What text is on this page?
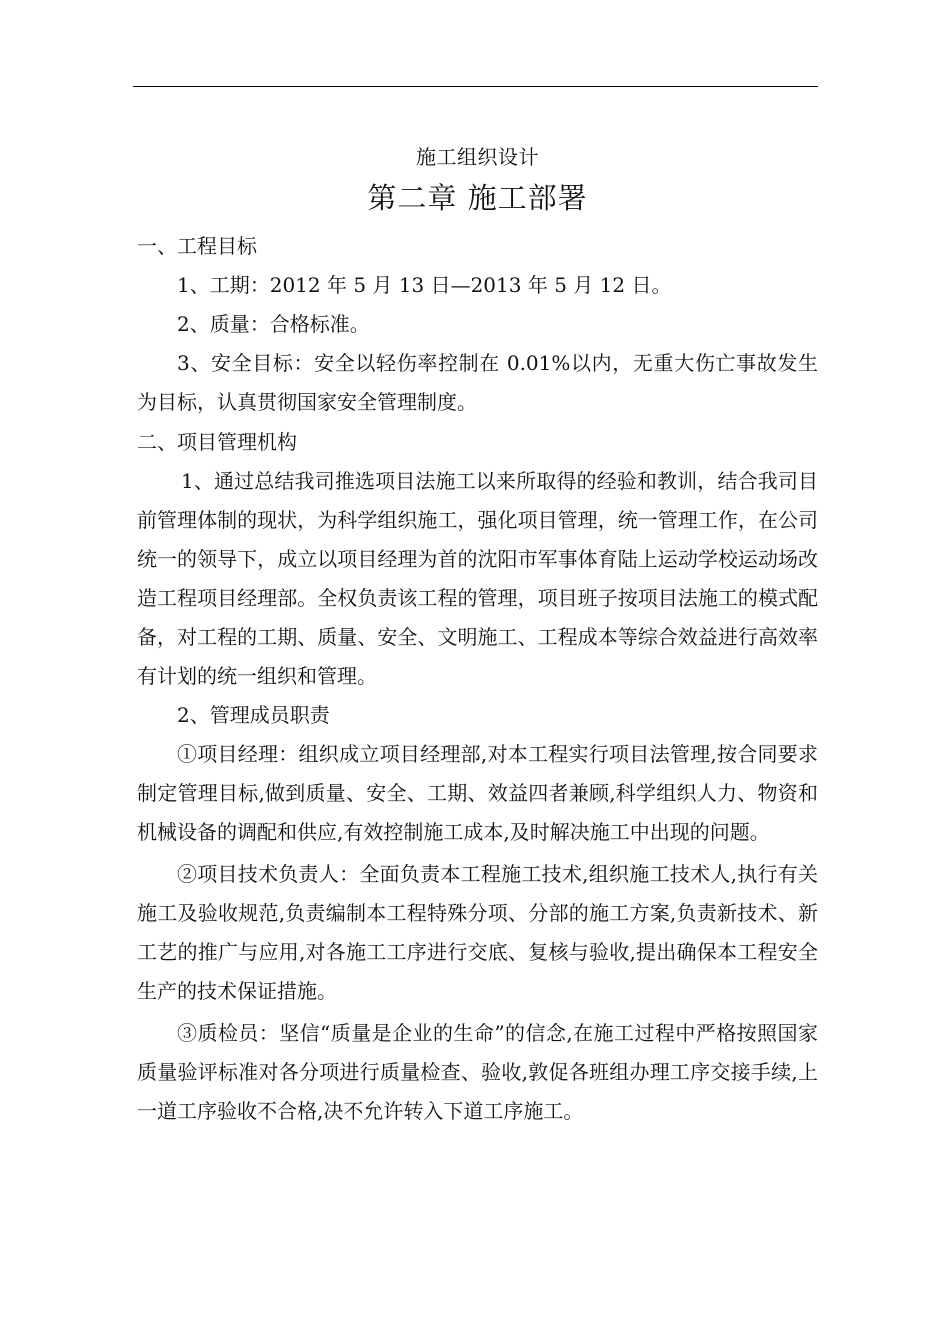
施工组织设计

第二章 施工部署

一、工程目标

1、工期：2012 年 5 月 13 日—2013 年 5 月 12 日。

2、质量：合格标准。

3、安全目标：安全以轻伤率控制在 0.01%以内，无重大伤亡事故发生为目标，认真贯彻国家安全管理制度。

二、项目管理机构

1、通过总结我司推选项目法施工以来所取得的经验和教训，结合我司目前管理体制的现状，为科学组织施工，强化项目管理，统一管理工作，在公司统一的领导下，成立以项目经理为首的沈阳市军事体育陆上运动学校运动场改造工程项目经理部。全权负责该工程的管理，项目班子按项目法施工的模式配备，对工程的工期、质量、安全、文明施工、工程成本等综合效益进行高效率有计划的统一组织和管理。

2、管理成员职责

①项目经理：组织成立项目经理部,对本工程实行项目法管理,按合同要求制定管理目标,做到质量、安全、工期、效益四者兼顾,科学组织人力、物资和机械设备的调配和供应,有效控制施工成本,及时解决施工中出现的问题。

②项目技术负责人：全面负责本工程施工技术,组织施工技术人,执行有关施工及验收规范,负责编制本工程特殊分项、分部的施工方案,负责新技术、新工艺的推广与应用,对各施工工序进行交底、复核与验收,提出确保本工程安全生产的技术保证措施。

③质检员：坚信“质量是企业的生命”的信念,在施工过程中严格按照国家质量验评标准对各分项进行质量检查、验收,敦促各班组办理工序交接手续,上一道工序验收不合格,决不允许转入下道工序施工。
